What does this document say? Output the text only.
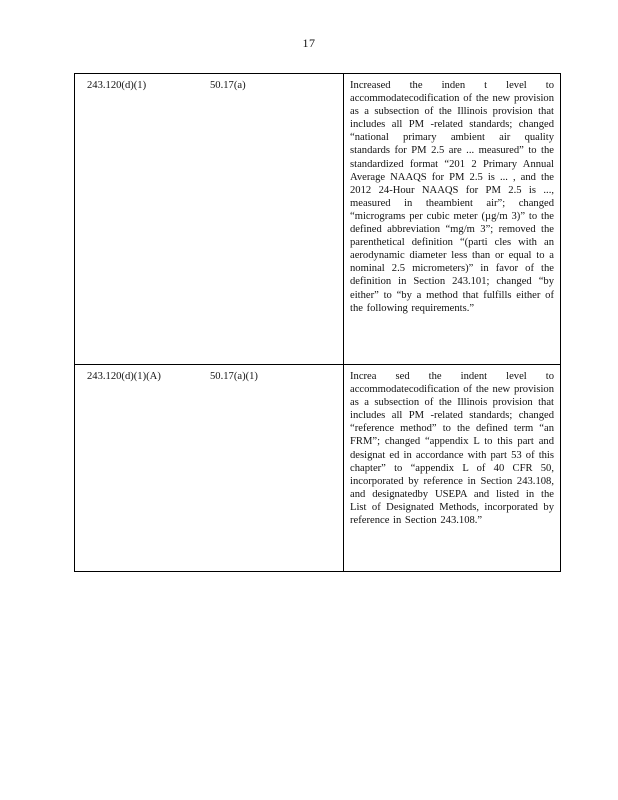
17
243.120(d)(1) 50.17(a)	Increased the inden t level to accommodatecodification of the new provision as a subsection of the Illinois provision that includes all PM -related standards; changed “national primary ambient air quality standards for PM 2.5 are ... measured” to the standardized format “201 2 Primary Annual Average NAAQS for PM 2.5 is ... , and the 2012 24-Hour NAAQS for PM 2.5 is ..., measured in theambient air”; changed “micrograms per cubic meter (µg/m 3)” to the defined abbreviation “mg/m 3”; removed the parenthetical definition “(parti cles with an aerodynamic diameter less than or equal to a nominal 2.5 micrometers)” in favor of the definition in Section 243.101; changed “by either” to “by a method that fulfills either of the following requirements.”

243.120(d)(1)(A) 50.17(a)(1)	Increa sed the indent level to accommodatecodification of the new provision as a subsection of the Illinois provision that includes all PM -related standards; changed “reference method” to the defined term “an FRM”; changed “appendix L to this part and designat ed in accordance with part 53 of this chapter” to “appendix L of 40 CFR 50, incorporated by reference in Section 243.108, and designatedby USEPA and listed in the List of Designated Methods, incorporated by reference in Section 243.108.”
